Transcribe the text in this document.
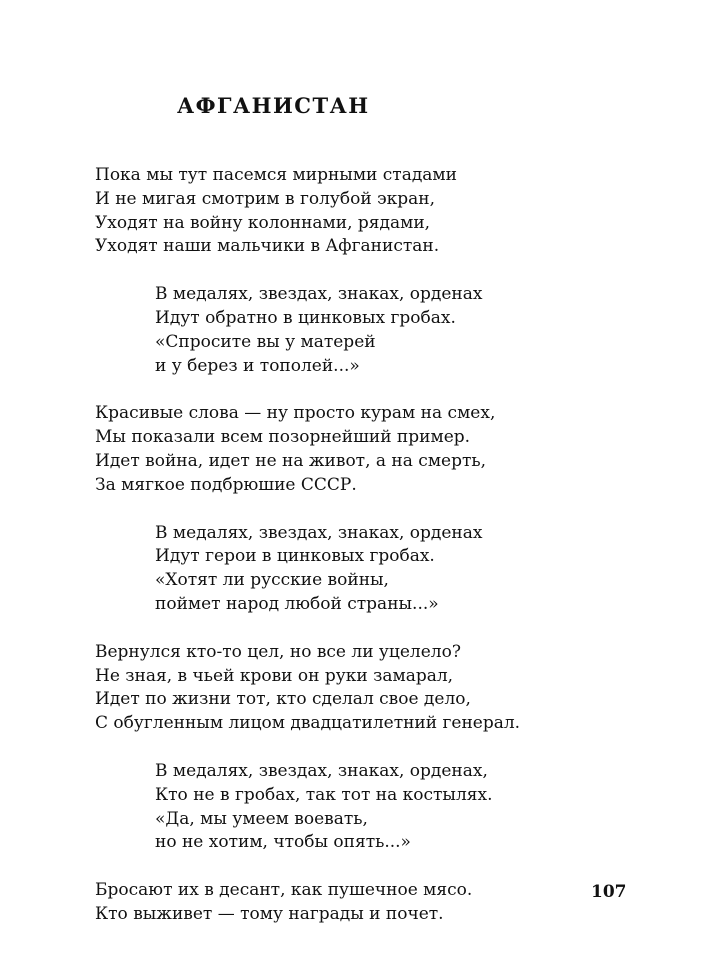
АФГАНИСТАН
Пока мы тут пасемся мирными стадами
И не мигая смотрим в голубой экран,
Уходят на войну колоннами, рядами,
Уходят наши мальчики в Афганистан.
В медалях, звездах, знаках, орденах
Идут обратно в цинковых гробах.
«Спросите вы у матерей
и у берез и тополей...»
Красивые слова — ну просто курам на смех,
Мы показали всем позорнейший пример.
Идет война, идет не на живот, а на смерть,
За мягкое подбрюшие СССР.
В медалях, звездах, знаках, орденах
Идут герои в цинковых гробах.
«Хотят ли русские войны,
поймет народ любой страны...»
Вернулся кто-то цел, но все ли уцелело?
Не зная, в чьей крови он руки замарал,
Идет по жизни тот, кто сделал свое дело,
С обугленным лицом двадцатилетний генерал.
В медалях, звездах, знаках, орденах,
Кто не в гробах, так тот на костылях.
«Да, мы умеем воевать,
но не хотим, чтобы опять...»
Бросают их в десант, как пушечное мясо.
Кто выживет — тому награды и почет.
107
